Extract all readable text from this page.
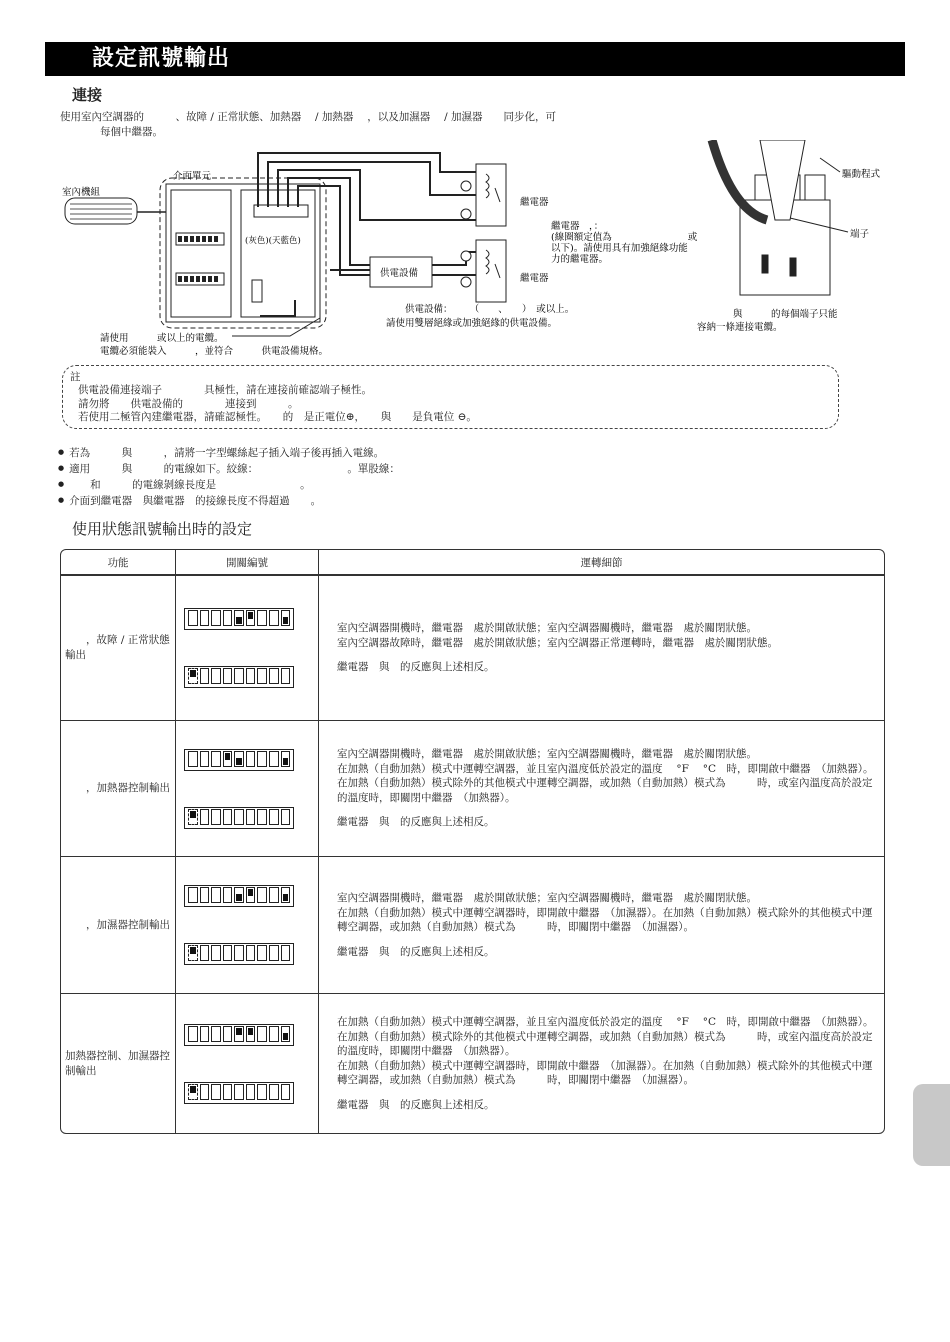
設定訊號輸出
連接
使用室內空調器的　　　、故障 / 正常狀態、加熱器　 / 加熱器　 ，以及加濕器　 / 加濕器　　同步化，可
每個中繼器。
室內機組
介面單元
(灰色)(天藍色)
供電設備
繼電器
繼電器
繼電器　，：
(線圈額定值為　　　　　　　　或
以下)。請使用具有加強絕緣功能
力的繼電器。
供電設備：　　 （　　、　　）　或以上。
請使用雙層絕緣或加強絕緣的供電設備。
請使用　　　或以上的電纜。
電纜必須能裝入　　　，並符合　　　供電設備規格。
驅動程式
端子
與　　　的每個端子只能
容納一條連接電纜。
註
供電設備連接端子　　　　具極性，請在連接前確認端子極性。
請勿將　　供電設備的　　　　連接到　　　。
若使用二極管內建繼電器，請確認極性。　　的　是正電位⊕，　　與　　是負電位 ⊖。
● 若為　　　與　　　，請將一字型螺絲起子插入端子後再插入電線。
● 適用　　　與　　　的電線如下。絞線：　　　　　　　　　。單股線：
● 　　和　　　的電線剝線長度是　　　　　　　　。
● 介面到繼電器　與繼電器　的接線長度不得超過　　。
使用狀態訊號輸出時的設定
功能	開關編號	運轉細節
　　，故障 / 正常狀態輸出		室內空調器開機時，繼電器　處於開啟狀態；室內空調器關機時，繼電器　處於關閉狀態。
室內空調器故障時，繼電器　處於開啟狀態；室內空調器正常運轉時，繼電器　處於關閉狀態。
繼電器　與　的反應與上述相反。

　　，加熱器控制輸出		室內空調器開機時，繼電器　處於開啟狀態；室內空調器關機時，繼電器　處於關閉狀態。
在加熱（自動加熱）模式中運轉空調器，並且室內溫度低於設定的溫度　 °F　 °C　時，即開啟中繼器　（加熱器）。
在加熱（自動加熱）模式除外的其他模式中運轉空調器，或加熱（自動加熱）模式為　　　時，或室內溫度高於設定的溫度時，即關閉中繼器　（加熱器）。
繼電器　與　的反應與上述相反。

　　，加濕器控制輸出		室內空調器開機時，繼電器　處於開啟狀態；室內空調器關機時，繼電器　處於關閉狀態。
在加熱（自動加熱）模式中運轉空調器時，即開啟中繼器　（加濕器）。在加熱（自動加熱）模式除外的其他模式中運轉空調器，或加熱（自動加熱）模式為　　　時，即關閉中繼器　（加濕器）。
繼電器　與　的反應與上述相反。

加熱器控制、加濕器控制輸出		在加熱（自動加熱）模式中運轉空調器，並且室內溫度低於設定的溫度　 °F　 °C　時，即開啟中繼器　（加熱器）。
在加熱（自動加熱）模式除外的其他模式中運轉空調器，或加熱（自動加熱）模式為　　　時，或室內溫度高於設定的溫度時，即關閉中繼器　（加熱器）。
在加熱（自動加熱）模式中運轉空調器時，即開啟中繼器　（加濕器）。在加熱（自動加熱）模式除外的其他模式中運轉空調器，或加熱（自動加熱）模式為　　　時，即關閉中繼器　（加濕器）。
繼電器　與　的反應與上述相反。
